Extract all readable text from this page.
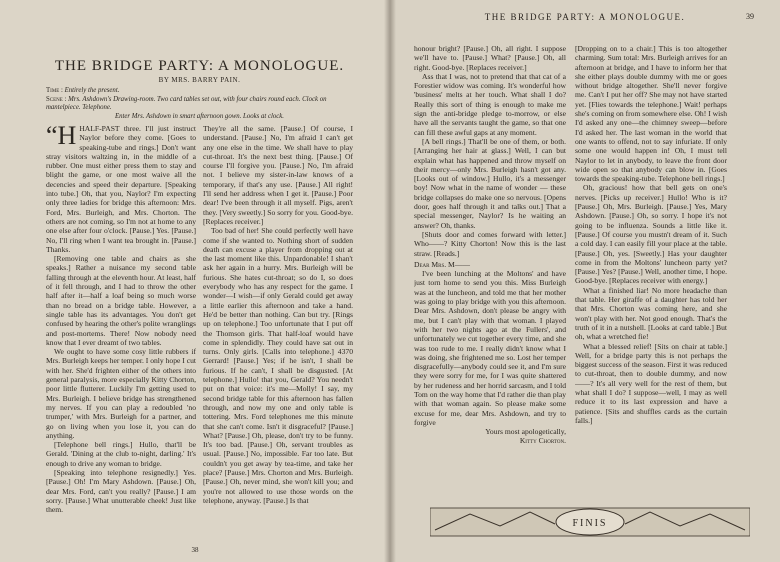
THE BRIDGE PARTY: A MONOLOGUE.
BY MRS. BARRY PAIN.
Time : Entirely the present.
Scene : Mrs. Ashdown's Drawing-room. Two card tables set out, with four chairs round each. Clock on mantelpiece. Telephone.
Enter Mrs. Ashdown in smart afternoon gown. Looks at clock.

“HHALF-PAST three. I'll just instruct Naylor before they come. [Goes to speaking-tube and rings.] Don't want stray visitors waltzing in, in the middle of a rubber. One must either press them to stay and blight the game, or one most waive all the decencies and speed their departure. [Speaking into tube.] Oh, that you, Naylor? I'm expecting only three ladies for bridge this afternoon: Mrs. Ford, Mrs. Burleigh, and Mrs. Chorton. The others are not coming, so I'm not at home to any one else after four o'clock. [Pause.] Yes. [Pause.] No, I'll ring when I want tea brought in. [Pause.] Thanks.

[Removing one table and chairs as she speaks.] Rather a nuisance my second table falling through at the eleventh hour. At least, half of it fell through, and I had to throw the other half after it—half a loaf being so much worse than no bread on a bridge table. However, a single table has its advantages. You don't get confused by hearing the other's polite wranglings and post-mortems. There! Now nobody need know that I ever dreamt of two tables.

We ought to have some cosy little rubbers if Mrs. Burleigh keeps her temper. I only hope I cut with her. She'd frighten either of the others into general paralysis, more especially Kitty Chorton, poor little flutterer. Luckily I'm getting used to Mrs. Burleigh. I believe bridge has strengthened my nerves. If you can play a redoubled 'no trumper,' with Mrs. Burleigh for a partner, and go on living when you lose it, you can do anything.

[Telephone bell rings.] Hullo, that'll be Gerald. 'Dining at the club to-night, darling.' It's enough to drive any woman to bridge.

[Speaking into telephone resignedly.] Yes. [Pause.] Oh! I'm Mary Ashdown. [Pause.] Oh, dear Mrs. Ford, can't you really? [Pause.] I am sorry. [Pause.] What unutterable cheek! Just like them.

They're all the same. [Pause.] Of course, I understand. [Pause.] No, I'm afraid I can't get any one else in the time. We shall have to play cut-throat. It's the next best thing. [Pause.] Of course I'll forgive you. [Pause.] No, I'm afraid not. I believe my sister-in-law knows of a temporary, if that's any use. [Pause.] All right! I'll send her address when I get it. [Pause.] Poor dear! I've been through it all myself. Pigs, aren't they. [Very sweetly.] So sorry for you. Good-bye. [Replaces receiver.]

Too bad of her! She could perfectly well have come if she wanted to. Nothing short of sudden death can excuse a player from dropping out at the last moment like this. Unpardonable! I shan't ask her again in a hurry. Mrs. Burleigh will be furious. She hates cut-throat; so do I, so does everybody who has any respect for the game. I wonder—I wish—if only Gerald could get away a little earlier this afternoon and take a hand. He'd be better than nothing. Can but try. [Rings up on telephone.] Too unfortunate that I put off the Thomson girls. That half-loaf would have come in splendidly. They could have sat out in turns. Only girls. [Calls into telephone.] 4370 Gerrard! [Pause.] Yes; if he isn't, I shall be furious. If he can't, I shall be disgusted. [At telephone.] Hullo! that you, Gerald? You needn't put on that voice: it's me—Molly! I say, my second bridge table for this afternoon has fallen through, and now my one and only table is tottering. Mrs. Ford telephones me this minute that she can't come. Isn't it disgraceful? [Pause.] What? [Pause.] Oh, please, don't try to be funny. It's too bad. [Pause.] Oh, servant troubles as usual. [Pause.] No, impossible. Far too late. But couldn't you get away by tea-time, and take her place? [Pause.] Mrs. Chorton and Mrs. Burleigh. [Pause.] Oh, never mind, she won't kill you; and you're not allowed to use those words on the telephone, anyway. [Pause.] Is that

38
THE BRIDGE PARTY: A MONOLOGUE.	39

honour bright? [Pause.] Oh, all right. I suppose we'll have to. [Pause.] What? [Pause.] Oh, all right. Good-bye. [Replaces receiver.]

Ass that I was, not to pretend that that cat of a Forestier widow was coming. It's wonderful how 'business' melts at her touch. What shall I do? Really this sort of thing is enough to make me sign the anti-bridge pledge to-morrow, or else have all the servants taught the game, so that one can fill these awful gaps at any moment.

[A bell rings.] That'll be one of them, or both. [Arranging her hair at glass.] Well, I can but explain what has happened and throw myself on their mercy—only Mrs. Burleigh hasn't got any. [Looks out of window.] Hullo, it's a messenger boy! Now what in the name of wonder — these bridge collapses do make one so nervous. [Opens door, goes half through it and talks out.] That a special messenger, Naylor? Is he waiting an answer? Oh, thanks.

[Shuts door and comes forward with letter.] Who——? Kitty Chorton! Now this is the last straw. [Reads.]

Dear Mrs. M——

I've been lunching at the Moltons' and have just torn home to send you this. Miss Burleigh was at the luncheon, and told me that her mother was going to play bridge with you this afternoon. Dear Mrs. Ashdown, don't please be angry with me, but I can't play with that woman. I played with her two nights ago at the Fullers', and unfortunately we cut together every time, and she was too rude to me. I really didn't know what I was doing, she frightened me so. Lost her temper disgracefully—anybody could see it, and I'm sure they were sorry for me, for I was quite shattered by her rudeness and her horrid sarcasm, and I told Tom on the way home that I'd rather die than play with that woman again. So please make some excuse for me, dear Mrs. Ashdown, and try to forgive

Yours most apologetically,

Kitty Chorton.

[Dropping on to a chair.] This is too altogether charming. Sum total: Mrs. Burleigh arrives for an afternoon at bridge, and I have to inform her that she either plays double dummy with me or goes without bridge altogether. She'll never forgive me. Can't I put her off? She may not have started yet. [Flies towards the telephone.] Wait! perhaps she's coming on from somewhere else. Oh! I wish I'd asked any one—the chimney sweep—before I'd asked her. The last woman in the world that one wants to offend, not to say infuriate. If only some one would happen in! Oh, I must tell Naylor to let in anybody, to leave the front door wide open so that anybody can blow in. [Goes towards the speaking-tube. Telephone bell rings.]

Oh, gracious! how that bell gets on one's nerves. [Picks up receiver.] Hullo! Who is it? [Pause.] Oh, Mrs. Burleigh. [Pause.] Yes, Mary Ashdown. [Pause.] Oh, so sorry. I hope it's not going to be influenza. Sounds a little like it. [Pause.] Of course you mustn't dream of it. Such a cold day. I can easily fill your place at the table. [Pause.] Oh, yes. [Sweetly.] Has your daughter come in from the Moltons' luncheon party yet? [Pause.] Yes? [Pause.] Well, another time, I hope. Good-bye. [Replaces receiver with energy.]

What a finished liar! No more headache than that table. Her giraffe of a daughter has told her that Mrs. Chorton was coming here, and she won't play with her. Not good enough. That's the truth of it in a nutshell. [Looks at card table.] But oh, what a wretched fie!

What a blessed relief! [Sits on chair at table.] Well, for a bridge party this is not perhaps the biggest success of the season. First it was reduced to cut-throat, then to double dummy, and now——? It's all very well for the rest of them, but what shall I do? I suppose—well, I may as well reduce it to its last expression and have a patience. [Sits and shuffles cards as the curtain falls.]

FINIS
